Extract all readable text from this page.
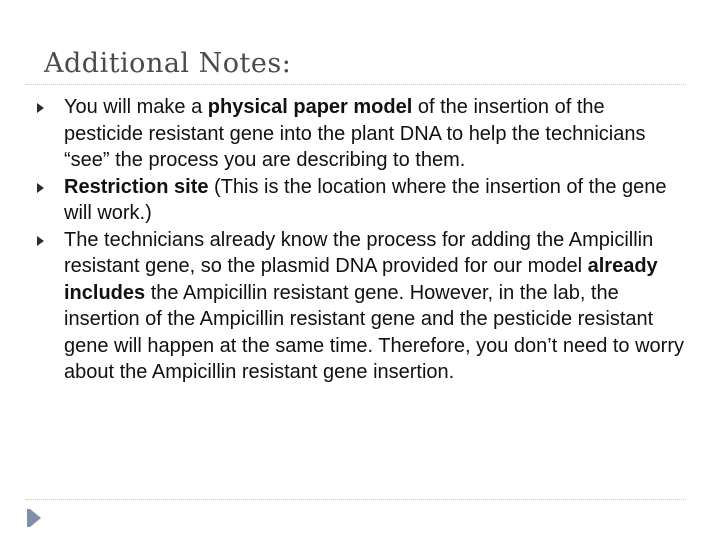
Additional Notes:
You will make a physical paper model of the insertion of the pesticide resistant gene into the plant DNA to help the technicians “see” the process you are describing to them.
Restriction site (This is the location where the insertion of the gene will work.)
The technicians already know the process for adding the Ampicillin resistant gene, so the plasmid DNA provided for our model already includes the Ampicillin resistant gene. However, in the lab, the insertion of the Ampicillin resistant gene and the pesticide resistant gene will happen at the same time. Therefore, you don’t need to worry about the Ampicillin resistant gene insertion.
